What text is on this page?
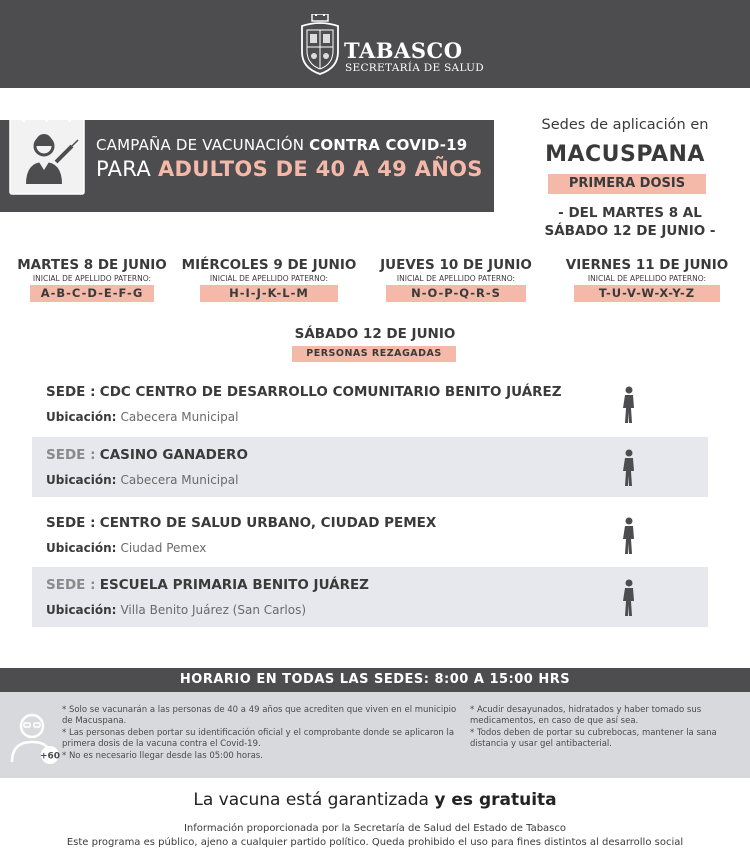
TABASCO
SECRETARÍA DE SALUD
CAMPAÑA DE VACUNACIÓN CONTRA COVID-19
PARA ADULTOS DE 40 A 49 AÑOS
Sedes de aplicación en
MACUSPANA
PRIMERA DOSIS
- DEL MARTES 8 AL
SÁBADO 12 DE JUNIO -
MARTES 8 DE JUNIO
INICIAL DE APELLIDO PATERNO:
A-B-C-D-E-F-G
MIÉRCOLES 9 DE JUNIO
INICIAL DE APELLIDO PATERNO:
H-I-J-K-L-M
JUEVES 10 DE JUNIO
INICIAL DE APELLIDO PATERNO:
N-O-P-Q-R-S
VIERNES 11 DE JUNIO
INICIAL DE APELLIDO PATERNO:
T-U-V-W-X-Y-Z
SÁBADO 12 DE JUNIO
PERSONAS REZAGADAS
SEDE : CDC CENTRO DE DESARROLLO COMUNITARIO BENITO JUÁREZ
Ubicación: Cabecera Municipal
SEDE : CASINO GANADERO
Ubicación: Cabecera Municipal
SEDE : CENTRO DE SALUD URBANO, CIUDAD PEMEX
Ubicación: Ciudad Pemex
SEDE : ESCUELA PRIMARIA BENITO JUÁREZ
Ubicación: Villa Benito Juárez (San Carlos)
HORARIO EN TODAS LAS SEDES: 8:00 A 15:00 HRS
+60

* Solo se vacunarán a las personas de 40 a 49 años que acrediten que viven en el municipio de Macuspana.

* Las personas deben portar su identificación oficial y el comprobante donde se aplicaron la primera dosis de la vacuna contra el Covid-19.

* No es necesario llegar desde las 05:00 horas.

* Acudir desayunados, hidratados y haber tomado sus medicamentos, en caso de que así sea.

* Todos deben de portar su cubrebocas, mantener la sana distancia y usar gel antibacterial.

La vacuna está garantizada y es gratuita
Información proporcionada por la Secretaría de Salud del Estado de Tabasco
Este programa es público, ajeno a cualquier partido político. Queda prohibido el uso para fines distintos al desarrollo social
